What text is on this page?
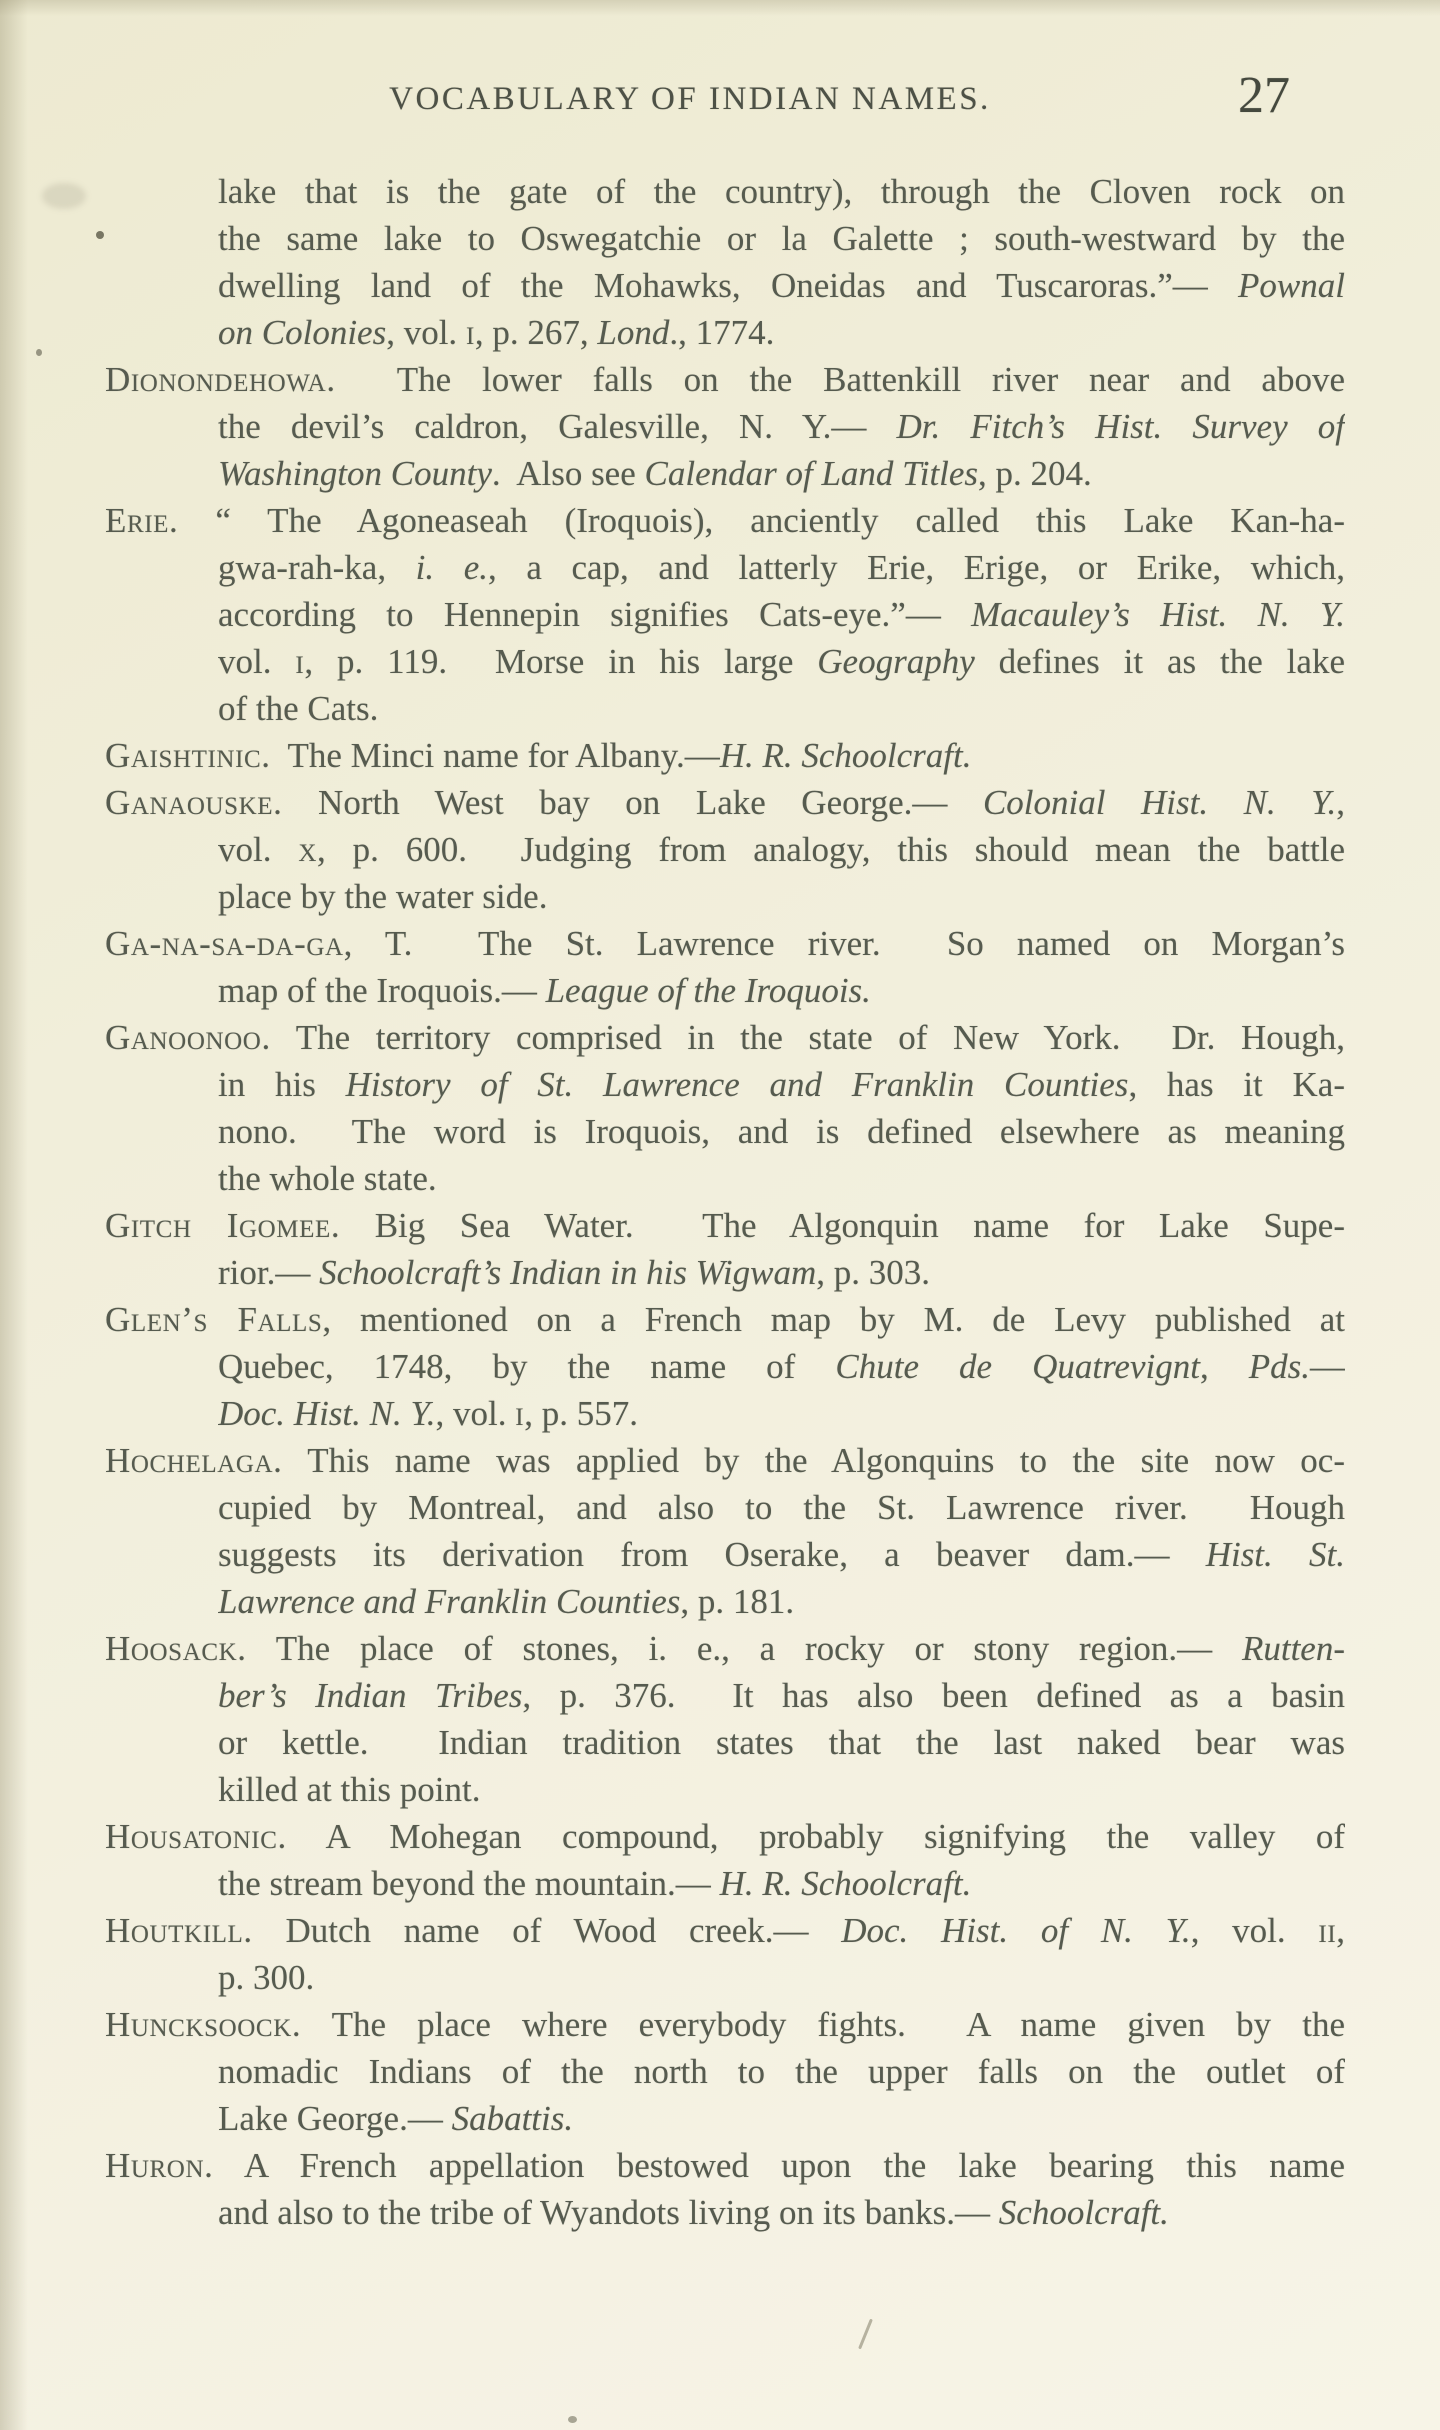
VOCABULARY OF INDIAN NAMES.	27
lake that is the gate of the country), through the Cloven rock on
the same lake to Oswegatchie or la Galette ; south-westward by the
dwelling land of the Mohawks, Oneidas and Tuscaroras.”— Pownal
on Colonies, vol. i, p. 267, Lond., 1774.
Dionondehowa.  The lower falls on the Battenkill river near and above
the devil’s caldron, Galesville, N. Y.— Dr. Fitch’s Hist. Survey of
Washington County.  Also see Calendar of Land Titles, p. 204.
Erie. “ The Agoneaseah (Iroquois), anciently called this Lake Kan-ha-
gwa-rah-ka, i. e., a cap, and latterly Erie, Erige, or Erike, which,
according to Hennepin signifies Cats-eye.”— Macauley’s Hist. N. Y.
vol. i, p. 119.  Morse in his large Geography defines it as the lake
of the Cats.
Gaishtinic.  The Minci name for Albany.—H. R. Schoolcraft.
Ganaouske. North West bay on Lake George.— Colonial Hist. N. Y.,
vol. x, p. 600.  Judging from analogy, this should mean the battle
place by the water side.
Ga-na-sa-da-ga, T.  The St. Lawrence river.  So named on Morgan’s
map of the Iroquois.— League of the Iroquois.
Ganoonoo. The territory comprised in the state of New York.  Dr. Hough,
in his History of St. Lawrence and Franklin Counties, has it Ka-
nono.  The word is Iroquois, and is defined elsewhere as meaning
the whole state.
Gitch Igomee. Big Sea Water.  The Algonquin name for Lake Supe-
rior.— Schoolcraft’s Indian in his Wigwam, p. 303.
Glen’s Falls, mentioned on a French map by M. de Levy published at
Quebec, 1748, by the name of Chute de Quatrevignt, Pds.—
Doc. Hist. N. Y., vol. i, p. 557.
Hochelaga. This name was applied by the Algonquins to the site now oc-
cupied by Montreal, and also to the St. Lawrence river.  Hough
suggests its derivation from Oserake, a beaver dam.— Hist. St.
Lawrence and Franklin Counties, p. 181.
Hoosack. The place of stones, i. e., a rocky or stony region.— Rutten-
ber’s Indian Tribes, p. 376.  It has also been defined as a basin
or kettle.  Indian tradition states that the last naked bear was
killed at this point.
Housatonic. A Mohegan compound, probably signifying the valley of
the stream beyond the mountain.— H. R. Schoolcraft.
Houtkill. Dutch name of Wood creek.— Doc. Hist. of N. Y., vol. ii,
p. 300.
Huncksoock. The place where everybody fights.  A name given by the
nomadic Indians of the north to the upper falls on the outlet of
Lake George.— Sabattis.
Huron. A French appellation bestowed upon the lake bearing this name
and also to the tribe of Wyandots living on its banks.— Schoolcraft.
